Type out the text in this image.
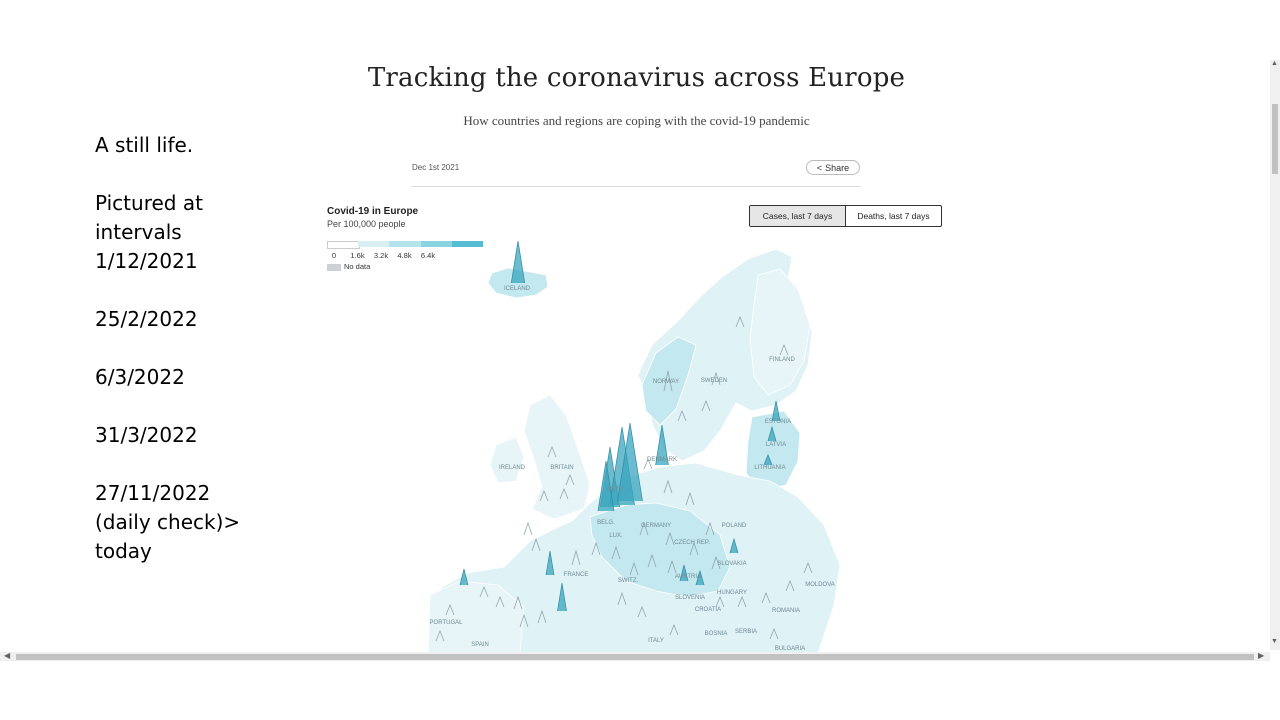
A still life.
Pictured at
intervals
1/12/2021
25/2/2022
6/3/2022
31/3/2022
27/11/2022
(daily check)>
today
Tracking the coronavirus across Europe
How countries and regions are coping with the covid-19 pandemic
Dec 1st 2021	< Share
Covid-19 in Europe
Per 100,000 people
Cases, last 7 days	Deaths, last 7 days
No data
0 1.6k 3.2k 4.8k 6.4k
ICELAND
FINLAND
NORWAY	SWEDEN
ESTONIA
LATVIA
LITHUANIA
DENMARK
IRELAND	BRITAIN
NETH.
BELG.
LUX.
GERMANY	POLAND
CZECH REP.
SLOVAKIA
FRANCE
SWITZ.
AUSTRIA
HUNGARY
SLOVENIA
CROATIA
BOSNIA SERBIA
ROMANIA
MOLDOVA
PORTUGAL
SPAIN
ITALY
BULGARIA
▲
▼
◀	▶
